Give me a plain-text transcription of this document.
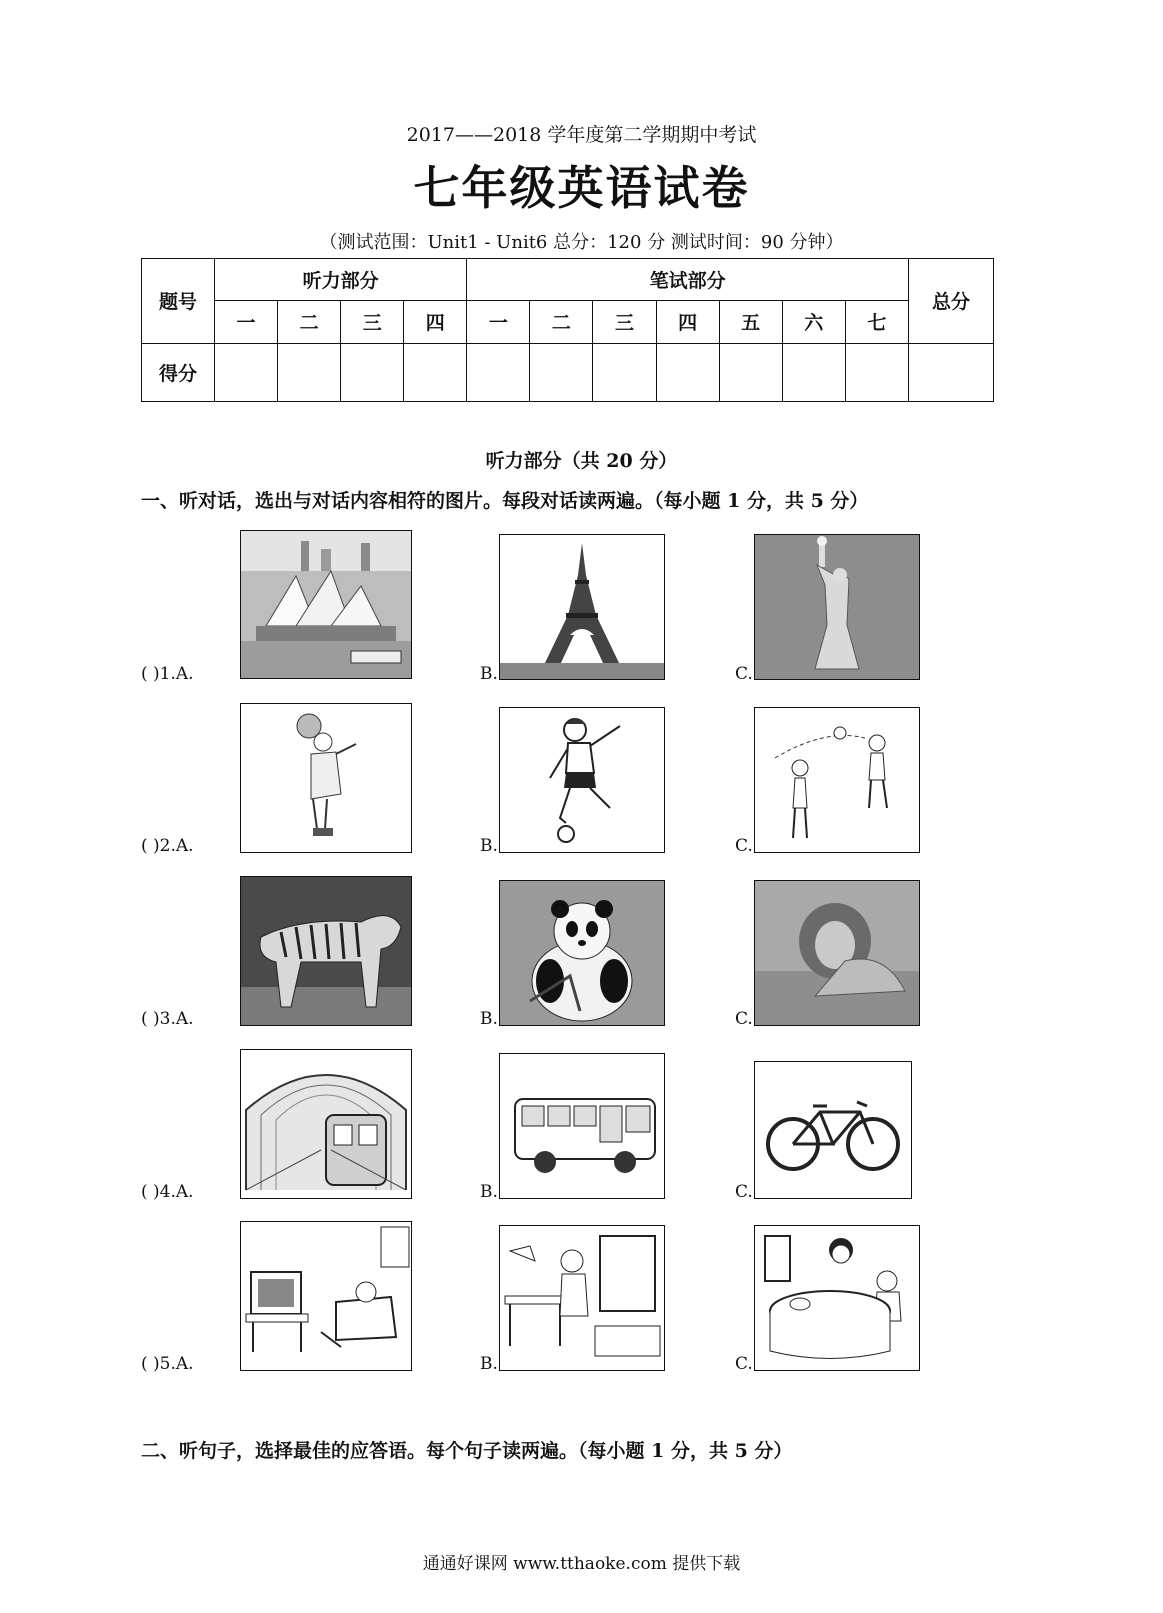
2017——2018 学年度第二学期期中考试
七年级英语试卷
（测试范围：Unit1 - Unit6 总分：120 分 测试时间：90 分钟）
题号	听力部分				笔试部分							总分
	一	二	三	四	一	二	三	四	五	六	七	
得分												
听力部分（共 20 分）
一、听对话，选出与对话内容相符的图片。每段对话读两遍。（每小题 1 分，共 5 分）
( )1.A.	B.	C.
( )2.A.	B.	C.
( )3.A.	B.	C.
( )4.A.	B.	C.
( )5.A.	B.	C.
二、听句子，选择最佳的应答语。每个句子读两遍。（每小题 1 分，共 5 分）
通通好课网 www.tthaoke.com 提供下载
